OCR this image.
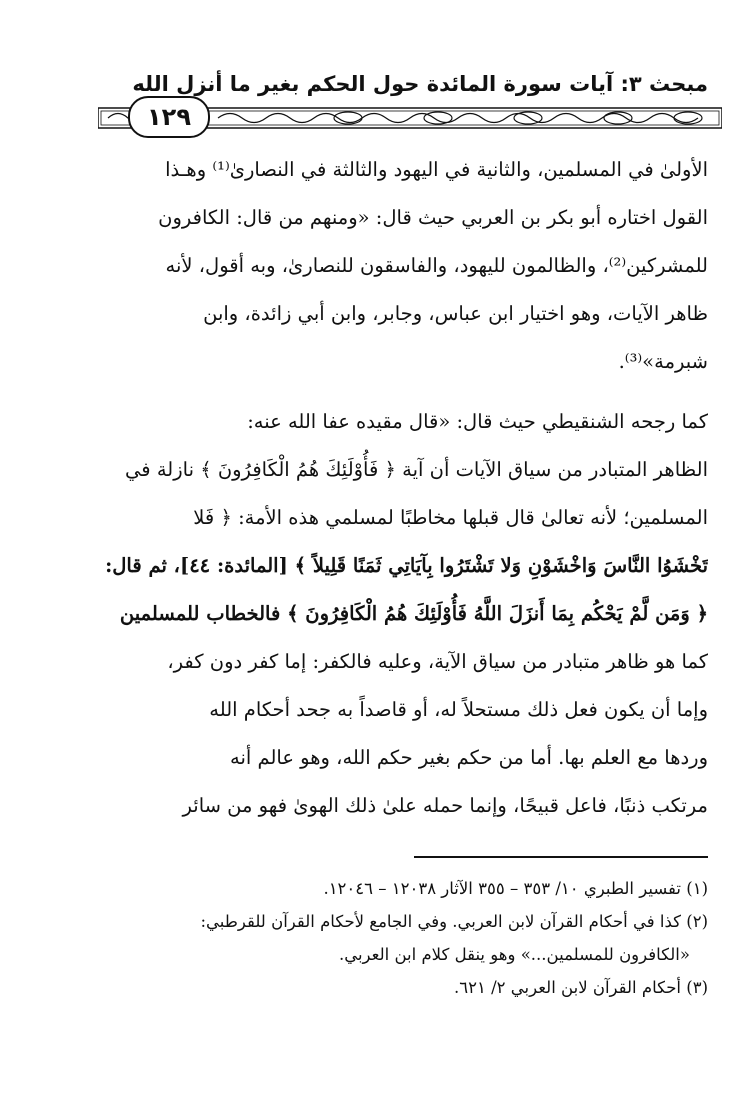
مبحث ٣: آيات سورة المائدة حول الحكم بغير ما أنزل الله
١٢٩
الأولىٰ في المسلمين، والثانية في اليهود والثالثة في النصارىٰ⁽¹⁾ وهـذا
القول اختاره أبو بكر بن العربي حيث قال: «ومنهم من قال: الكافرون
للمشركين⁽²⁾، والظالمون لليهود، والفاسقون للنصارىٰ، وبه أقول، لأنه
ظاهر الآيات، وهو اختيار ابن عباس، وجابر، وابن أبي زائدة، وابن
شبرمة»⁽³⁾.
كما رجحه الشنقيطي حيث قال: «قال مقيده عفا الله عنه:
الظاهر المتبادر من سياق الآيات أن آية ﴿ فَأُوْلَئِكَ هُمُ الْكَافِرُونَ ﴾ نازلة في
المسلمين؛ لأنه تعالىٰ قال قبلها مخاطبًا لمسلمي هذه الأمة: ﴿ فَلا
تَخْشَوُا النَّاسَ وَاخْشَوْنِ وَلا تَشْتَرُوا بِآيَاتِي ثَمَنًا قَلِيلاً ﴾ [المائدة: ٤٤]، ثم قال:
﴿ وَمَن لَّمْ يَحْكُم بِمَا أَنزَلَ اللَّهُ فَأُوْلَئِكَ هُمُ الْكَافِرُونَ ﴾ فالخطاب للمسلمين
كما هو ظاهر متبادر من سياق الآية، وعليه فالكفر: إما كفر دون كفر،
وإما أن يكون فعل ذلك مستحلاً له، أو قاصداً به جحد أحكام الله
وردها مع العلم بها. أما من حكم بغير حكم الله، وهو عالم أنه
مرتكب ذنبًا، فاعل قبيحًا، وإنما حمله علىٰ ذلك الهوىٰ فهو من سائر
(١) تفسير الطبري ١٠/ ٣٥٣ – ٣٥٥ الآثار ١٢٠٣٨ – ١٢٠٤٦.
(٢) كذا في أحكام القرآن لابن العربي. وفي الجامع لأحكام القرآن للقرطبي:
«الكافرون للمسلمين...» وهو ينقل كلام ابن العربي.
(٣) أحكام القرآن لابن العربي ٢/ ٦٢١.
